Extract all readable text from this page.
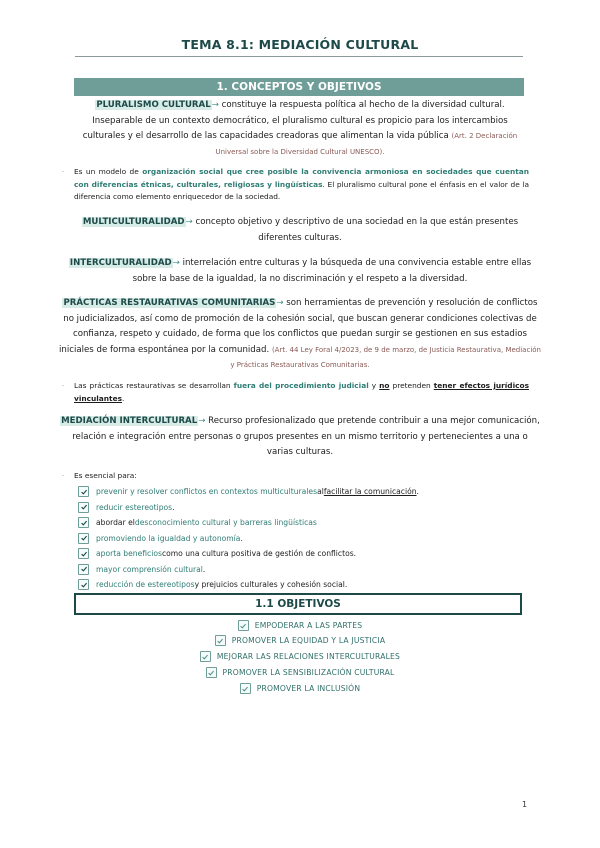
TEMA 8.1: MEDIACIÓN CULTURAL
1. CONCEPTOS Y OBJETIVOS
PLURALISMO CULTURAL→ constituye la respuesta política al hecho de la diversidad cultural. Inseparable de un contexto democrático, el pluralismo cultural es propicio para los intercambios culturales y el desarrollo de las capacidades creadoras que alimentan la vida pública (Art. 2 Declaración Universal sobre la Diversidad Cultural UNESCO).
· Es un modelo de organización social que cree posible la convivencia armoniosa en sociedades que cuentan con diferencias étnicas, culturales, religiosas y lingüísticas. El pluralismo cultural pone el énfasis en el valor de la diferencia como elemento enriquecedor de la sociedad.
MULTICULTURALIDAD→ concepto objetivo y descriptivo de una sociedad en la que están presentes diferentes culturas.
INTERCULTURALIDAD→ interrelación entre culturas y la búsqueda de una convivencia estable entre ellas sobre la base de la igualdad, la no discriminación y el respeto a la diversidad.
PRÁCTICAS RESTAURATIVAS COMUNITARIAS→ son herramientas de prevención y resolución de conflictos no judicializados, así como de promoción de la cohesión social, que buscan generar condiciones colectivas de confianza, respeto y cuidado, de forma que los conflictos que puedan surgir se gestionen en sus estadios iniciales de forma espontánea por la comunidad. (Art. 44 Ley Foral 4/2023, de 9 de marzo, de Justicia Restaurativa, Mediación y Prácticas Restaurativas Comunitarias.
· Las prácticas restaurativas se desarrollan fuera del procedimiento judicial y no pretenden tener efectos jurídicos vinculantes.
MEDIACIÓN INTERCULTURAL→ Recurso profesionalizado que pretende contribuir a una mejor comunicación, relación e integración entre personas o grupos presentes en un mismo territorio y pertenecientes a una o varias culturas.
· Es esencial para:
prevenir y resolver conflictos en contextos multiculturales al facilitar la comunicación .
reducir estereotipos .
abordar el desconocimiento cultural y barreras lingüísticas
promoviendo la igualdad y autonomía .
aporta beneficios como una cultura positiva de gestión de conflictos.
mayor comprensión cultural .
reducción de estereotipos y prejuicios culturales y cohesión social.
1.1 OBJETIVOS
EMPODERAR A LAS PARTES
PROMOVER LA EQUIDAD Y LA JUSTICIA
MEJORAR LAS RELACIONES INTERCULTURALES
PROMOVER LA SENSIBILIZACIÓN CULTURAL
PROMOVER LA INCLUSIÓN
1
